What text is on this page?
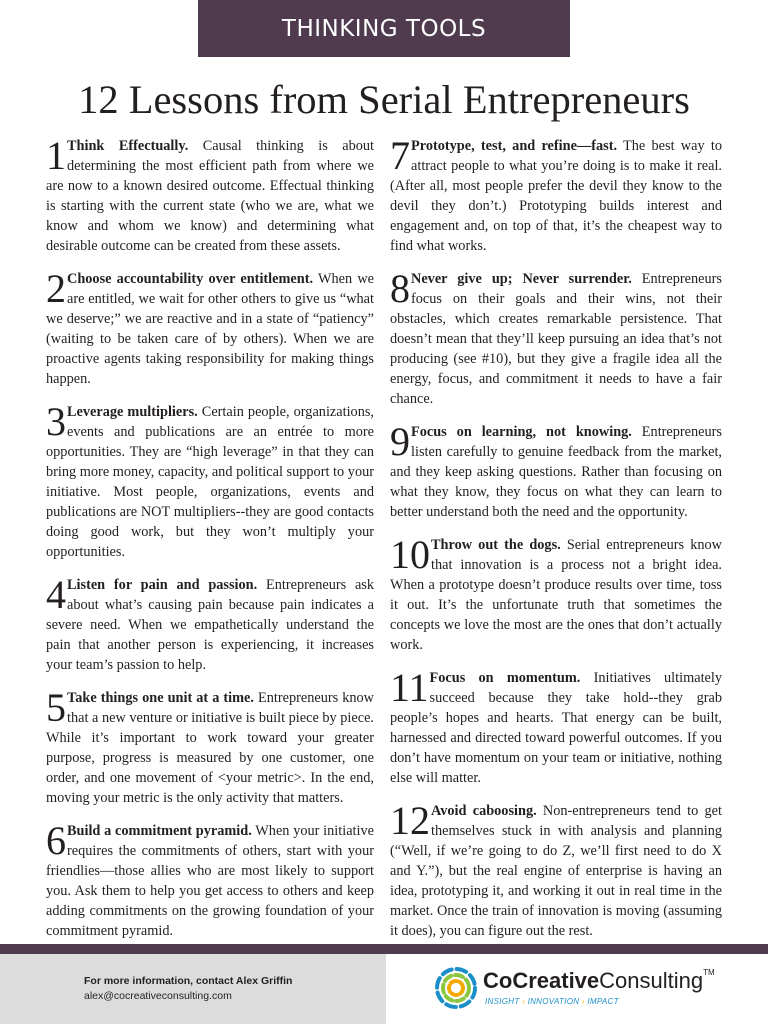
THINKING TOOLS
12 Lessons from Serial Entrepreneurs
1 Think Effectually. Causal thinking is about determining the most efficient path from where we are now to a known desired outcome. Effectual thinking is starting with the current state (who we are, what we know and whom we know) and determining what desirable outcome can be created from these assets.
2 Choose accountability over entitlement. When we are entitled, we wait for other others to give us “what we deserve;” we are reactive and in a state of “patiency” (waiting to be taken care of by others). When we are proactive agents taking responsibility for making things happen.
3 Leverage multipliers. Certain people, organizations, events and publications are an entrée to more opportunities. They are “high leverage” in that they can bring more money, capacity, and political support to your initiative. Most people, organizations, events and publications are NOT multipliers--they are good contacts doing good work, but they won’t multiply your opportunities.
4 Listen for pain and passion. Entrepreneurs ask about what’s causing pain because pain indicates a severe need. When we empathetically understand the pain that another person is experiencing, it increases your team’s passion to help.
5 Take things one unit at a time. Entrepreneurs know that a new venture or initiative is built piece by piece. While it’s important to work toward your greater purpose, progress is measured by one customer, one order, and one movement of <your metric>. In the end, moving your metric is the only activity that matters.
6 Build a commitment pyramid. When your initiative requires the commitments of others, start with your friendlies—those allies who are most likely to support you. Ask them to help you get access to others and keep adding commitments on the growing foundation of your commitment pyramid.
7 Prototype, test, and refine—fast. The best way to attract people to what you’re doing is to make it real. (After all, most people prefer the devil they know to the devil they don’t.) Prototyping builds interest and engagement and, on top of that, it’s the cheapest way to find what works.
8 Never give up; Never surrender. Entrepreneurs focus on their goals and their wins, not their obstacles, which creates remarkable persistence. That doesn’t mean that they’ll keep pursuing an idea that’s not producing (see #10), but they give a fragile idea all the energy, focus, and commitment it needs to have a fair chance.
9 Focus on learning, not knowing. Entrepreneurs listen carefully to genuine feedback from the market, and they keep asking questions. Rather than focusing on what they know, they focus on what they can learn to better understand both the need and the opportunity.
10 Throw out the dogs. Serial entrepreneurs know that innovation is a process not a bright idea. When a prototype doesn’t produce results over time, toss it out. It’s the unfortunate truth that sometimes the concepts we love the most are the ones that don’t actually work.
11 Focus on momentum. Initiatives ultimately succeed because they take hold--they grab people’s hopes and hearts. That energy can be built, harnessed and directed toward powerful outcomes. If you don’t have momentum on your team or initiative, nothing else will matter.
12 Avoid caboosing. Non-entrepreneurs tend to get themselves stuck in with analysis and planning (“Well, if we’re going to do Z, we’ll first need to do X and Y.”), but the real engine of enterprise is having an idea, prototyping it, and working it out in real time in the market. Once the train of innovation is moving (assuming it does), you can figure out the rest.
For more information, contact Alex Griffin
alex@cocreativeconsulting.com
CoCreativeConsulting™
INSIGHT › INNOVATION › IMPACT
